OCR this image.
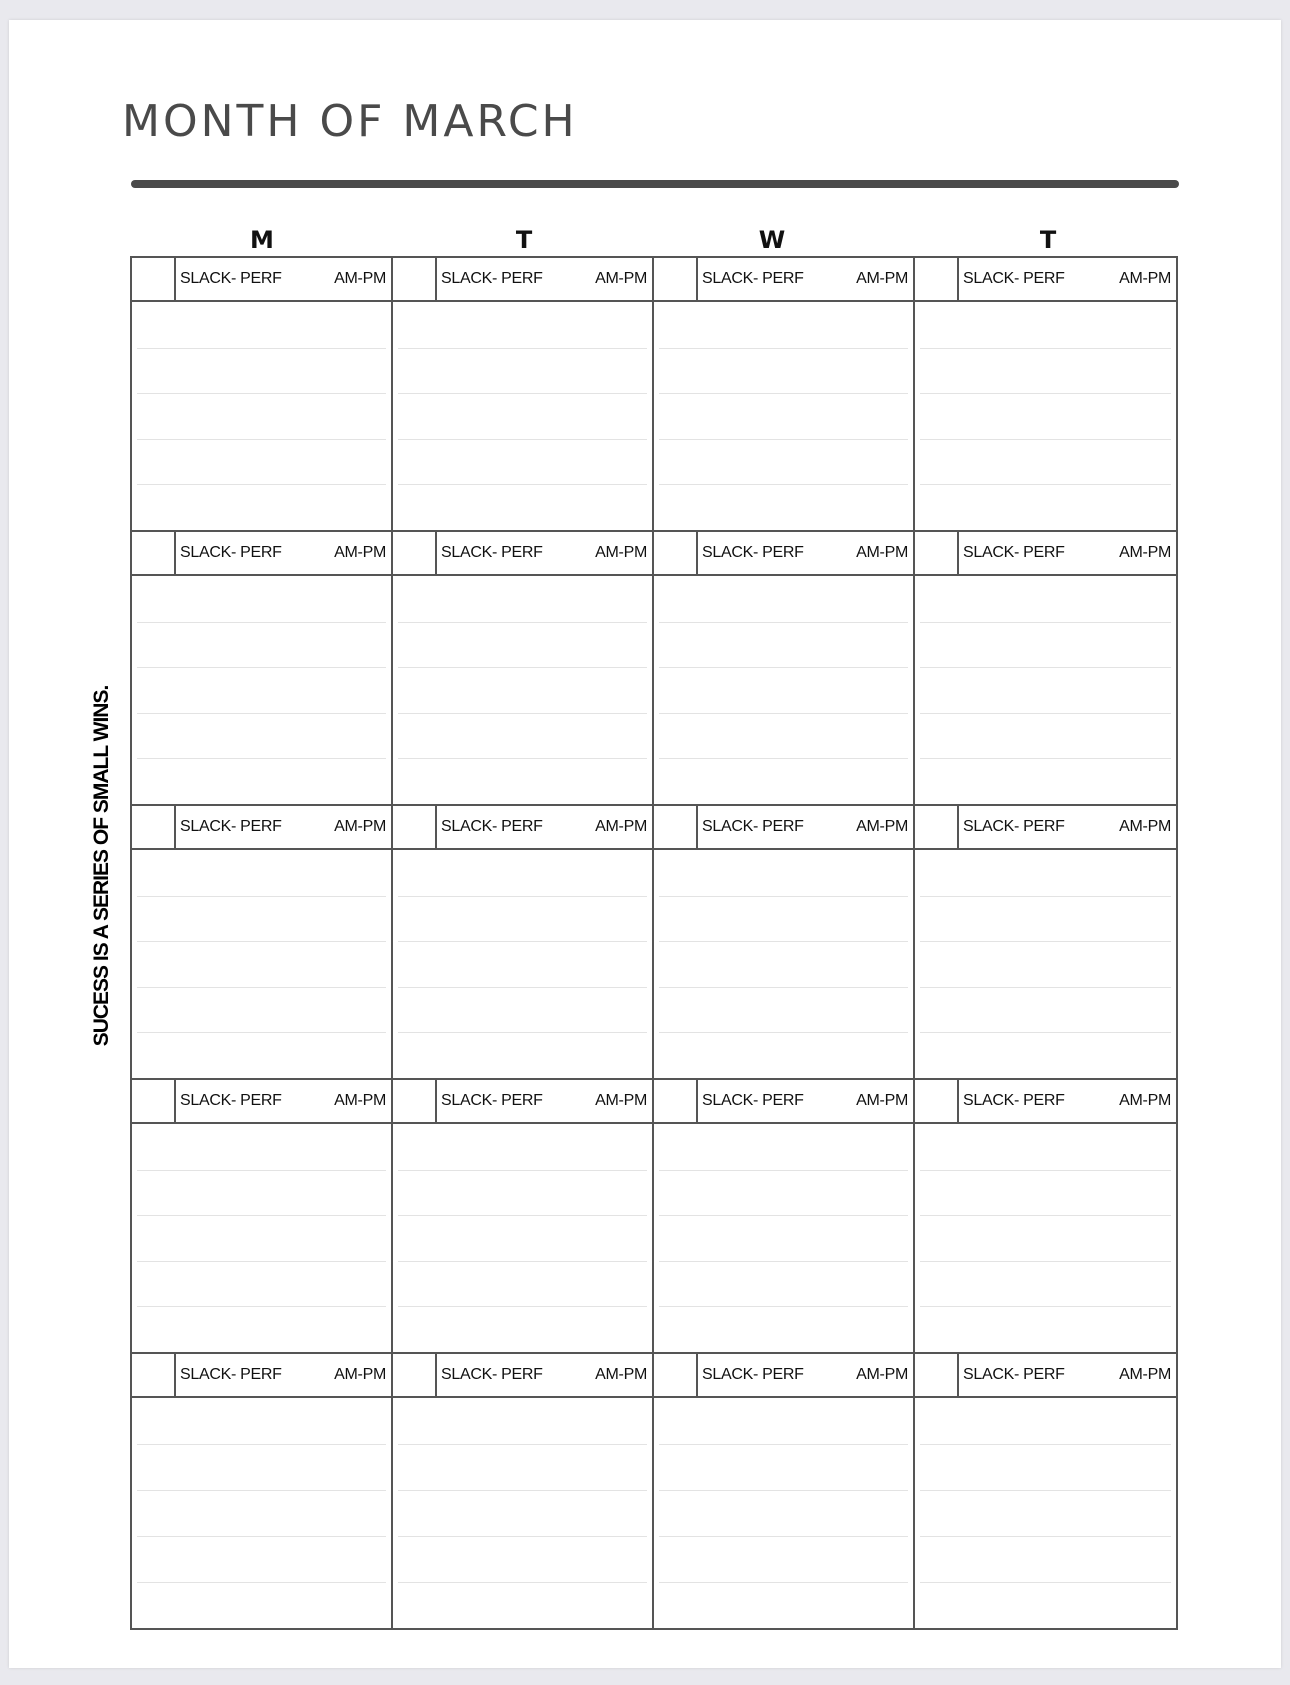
MONTH OF MARCH
SUCESS IS A SERIES OF SMALL WINS.
M	T	W	T
SLACK- PERF	AM-PM	SLACK- PERF	AM-PM	SLACK- PERF	AM-PM	SLACK- PERF	AM-PM
SLACK- PERF	AM-PM	SLACK- PERF	AM-PM	SLACK- PERF	AM-PM	SLACK- PERF	AM-PM
SLACK- PERF	AM-PM	SLACK- PERF	AM-PM	SLACK- PERF	AM-PM	SLACK- PERF	AM-PM
SLACK- PERF	AM-PM	SLACK- PERF	AM-PM	SLACK- PERF	AM-PM	SLACK- PERF	AM-PM
SLACK- PERF	AM-PM	SLACK- PERF	AM-PM	SLACK- PERF	AM-PM	SLACK- PERF	AM-PM
